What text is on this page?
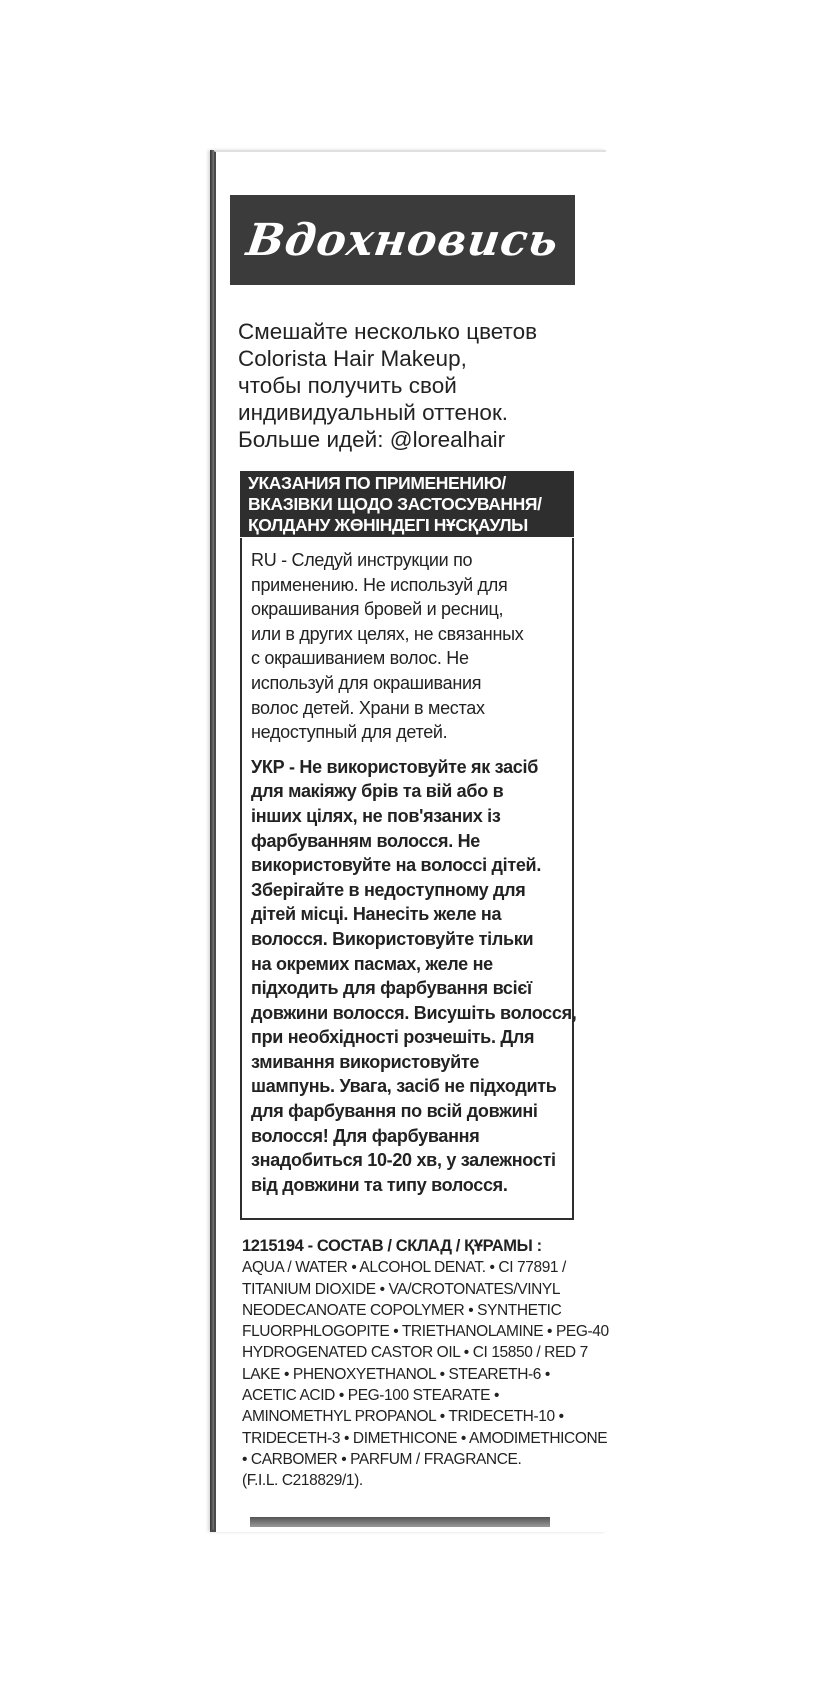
Вдохновись
Смешайте несколько цветов
Colorista Hair Makeup,
чтобы получить свой
индивидуальный оттенок.
Больше идей: @lorealhair
УКАЗАНИЯ ПО ПРИМЕНЕНИЮ/
ВКАЗІВКИ ЩОДО ЗАСТОСУВАННЯ/
ҚОЛДАНУ ЖӨНІНДЕГІ НҰСҚАУЛЫ
RU - Следуй инструкции по
применению. Не используй для
окрашивания бровей и ресниц,
или в других целях, не связанных
с окрашиванием волос. Не
используй для окрашивания
волос детей. Храни в местах
недоступный для детей.
УКР - Не використовуйте як засіб
для макіяжу брів та вій або в
інших цілях, не пов'язаних із
фарбуванням волосся. Не
використовуйте на волоссі дітей.
Зберігайте в недоступному для
дітей місці. Нанесіть желе на
волосся. Використовуйте тільки
на окремих пасмах, желе не
підходить для фарбування всієї
довжини волосся. Висушіть волосся,
при необхідності розчешіть. Для
змивання використовуйте
шампунь. Увага, засіб не підходить
для фарбування по всій довжині
волосся! Для фарбування
знадобиться 10-20 хв, у залежності
від довжини та типу волосся.
1215194 - СОСТАВ / СКЛАД / ҚҰРАМЫ :
AQUA / WATER • ALCOHOL DENAT. • CI 77891 /
TITANIUM DIOXIDE • VA/CROTONATES/VINYL
NEODECANOATE COPOLYMER • SYNTHETIC
FLUORPHLOGOPITE • TRIETHANOLAMINE • PEG-40
HYDROGENATED CASTOR OIL • CI 15850 / RED 7
LAKE • PHENOXYETHANOL • STEARETH-6 •
ACETIC ACID • PEG-100 STEARATE •
AMINOMETHYL PROPANOL • TRIDECETH-10 •
TRIDECETH-3 • DIMETHICONE • AMODIMETHICONE
• CARBOMER • PARFUM / FRAGRANCE.
(F.I.L. C218829/1).
